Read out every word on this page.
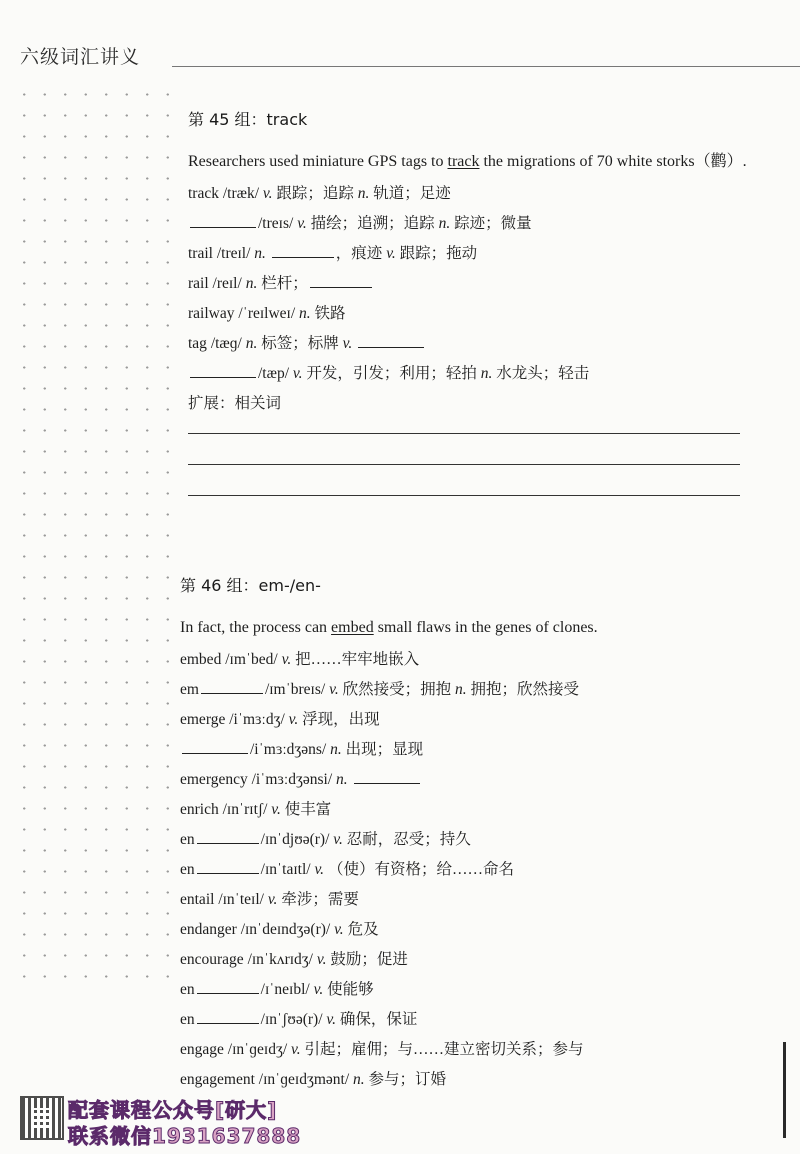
六级词汇讲义
第 45 组：track
Researchers used miniature GPS tags to track the migrations of 70 white storks（鹳）.
track /træk/ v. 跟踪；追踪 n. 轨道；足迹
/treɪs/ v. 描绘；追溯；追踪 n. 踪迹；微量
trail /treɪl/ n.	，痕迹 v. 跟踪；拖动
rail /reɪl/ n. 栏杆；
railway /ˈreɪlweɪ/ n. 铁路
tag /tæɡ/ n. 标签；标牌 v.
/tæp/ v. 开发，引发；利用；轻拍 n. 水龙头；轻击
扩展：相关词
第 46 组：em-/en-
In fact, the process can embed small flaws in the genes of clones.
embed /ɪmˈbed/ v. 把……牢牢地嵌入
em	/ɪmˈbreɪs/ v. 欣然接受；拥抱 n. 拥抱；欣然接受
emerge /iˈmɜːdʒ/ v. 浮现，出现
/iˈmɜːdʒəns/ n. 出现；显现
emergency /iˈmɜːdʒənsi/ n.
enrich /ɪnˈrɪtʃ/ v. 使丰富
en	/ɪnˈdjʊə(r)/ v. 忍耐，忍受；持久
en	/ɪnˈtaɪtl/ v. （使）有资格；给……命名
entail /ɪnˈteɪl/ v. 牵涉；需要
endanger /ɪnˈdeɪndʒə(r)/ v. 危及
encourage /ɪnˈkʌrɪdʒ/ v. 鼓励；促进
en	/ɪˈneɪbl/ v. 使能够
en	/ɪnˈʃʊə(r)/ v. 确保，保证
engage /ɪnˈɡeɪdʒ/ v. 引起；雇佣；与……建立密切关系；参与
engagement /ɪnˈɡeɪdʒmənt/ n. 参与；订婚
配套课程公众号[研大]
联系微信1931637888
